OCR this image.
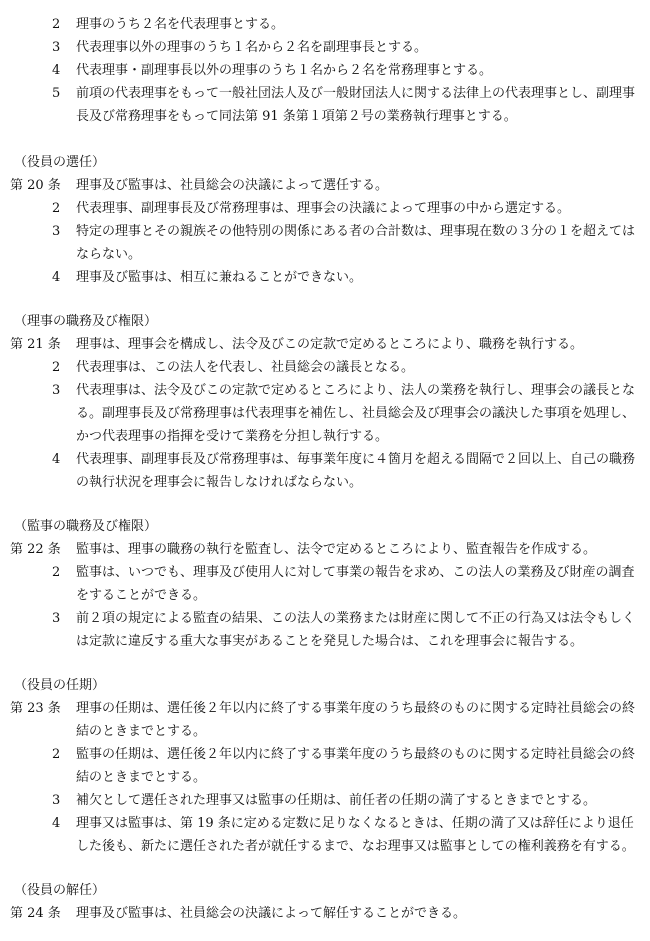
2	理事のうち２名を代表理事とする。

3	代表理事以外の理事のうち１名から２名を副理事長とする。

4	代表理事・副理事長以外の理事のうち１名から２名を常務理事とする。

5	前項の代表理事をもって一般社団法人及び一般財団法人に関する法律上の代表理事とし、副理事長及び常務理事をもって同法第 91 条第１項第２号の業務執行理事とする。

（役員の選任）

第 20 条 理事及び監事は、社員総会の決議によって選任する。

2	代表理事、副理事長及び常務理事は、理事会の決議によって理事の中から選定する。

3	特定の理事とその親族その他特別の関係にある者の合計数は、理事現在数の３分の１を超えてはならない。

4	理事及び監事は、相互に兼ねることができない。

（理事の職務及び権限）

第 21 条 理事は、理事会を構成し、法令及びこの定款で定めるところにより、職務を執行する。

2	代表理事は、この法人を代表し、社員総会の議長となる。

3	代表理事は、法令及びこの定款で定めるところにより、法人の業務を執行し、理事会の議長となる。副理事長及び常務理事は代表理事を補佐し、社員総会及び理事会の議決した事項を処理し、かつ代表理事の指揮を受けて業務を分担し執行する。

4	代表理事、副理事長及び常務理事は、毎事業年度に４箇月を超える間隔で２回以上、自己の職務の執行状況を理事会に報告しなければならない。

（監事の職務及び権限）

第 22 条 監事は、理事の職務の執行を監査し、法令で定めるところにより、監査報告を作成する。

2	監事は、いつでも、理事及び使用人に対して事業の報告を求め、この法人の業務及び財産の調査をすることができる。

3	前２項の規定による監査の結果、この法人の業務または財産に関して不正の行為又は法令もしくは定款に違反する重大な事実があることを発見した場合は、これを理事会に報告する。

（役員の任期）

第 23 条 理事の任期は、選任後２年以内に終了する事業年度のうち最終のものに関する定時社員総会の終結のときまでとする。

2	監事の任期は、選任後２年以内に終了する事業年度のうち最終のものに関する定時社員総会の終結のときまでとする。

3	補欠として選任された理事又は監事の任期は、前任者の任期の満了するときまでとする。

4	理事又は監事は、第 19 条に定める定数に足りなくなるときは、任期の満了又は辞任により退任した後も、新たに選任された者が就任するまで、なお理事又は監事としての権利義務を有する。

（役員の解任）

第 24 条 理事及び監事は、社員総会の決議によって解任することができる。
